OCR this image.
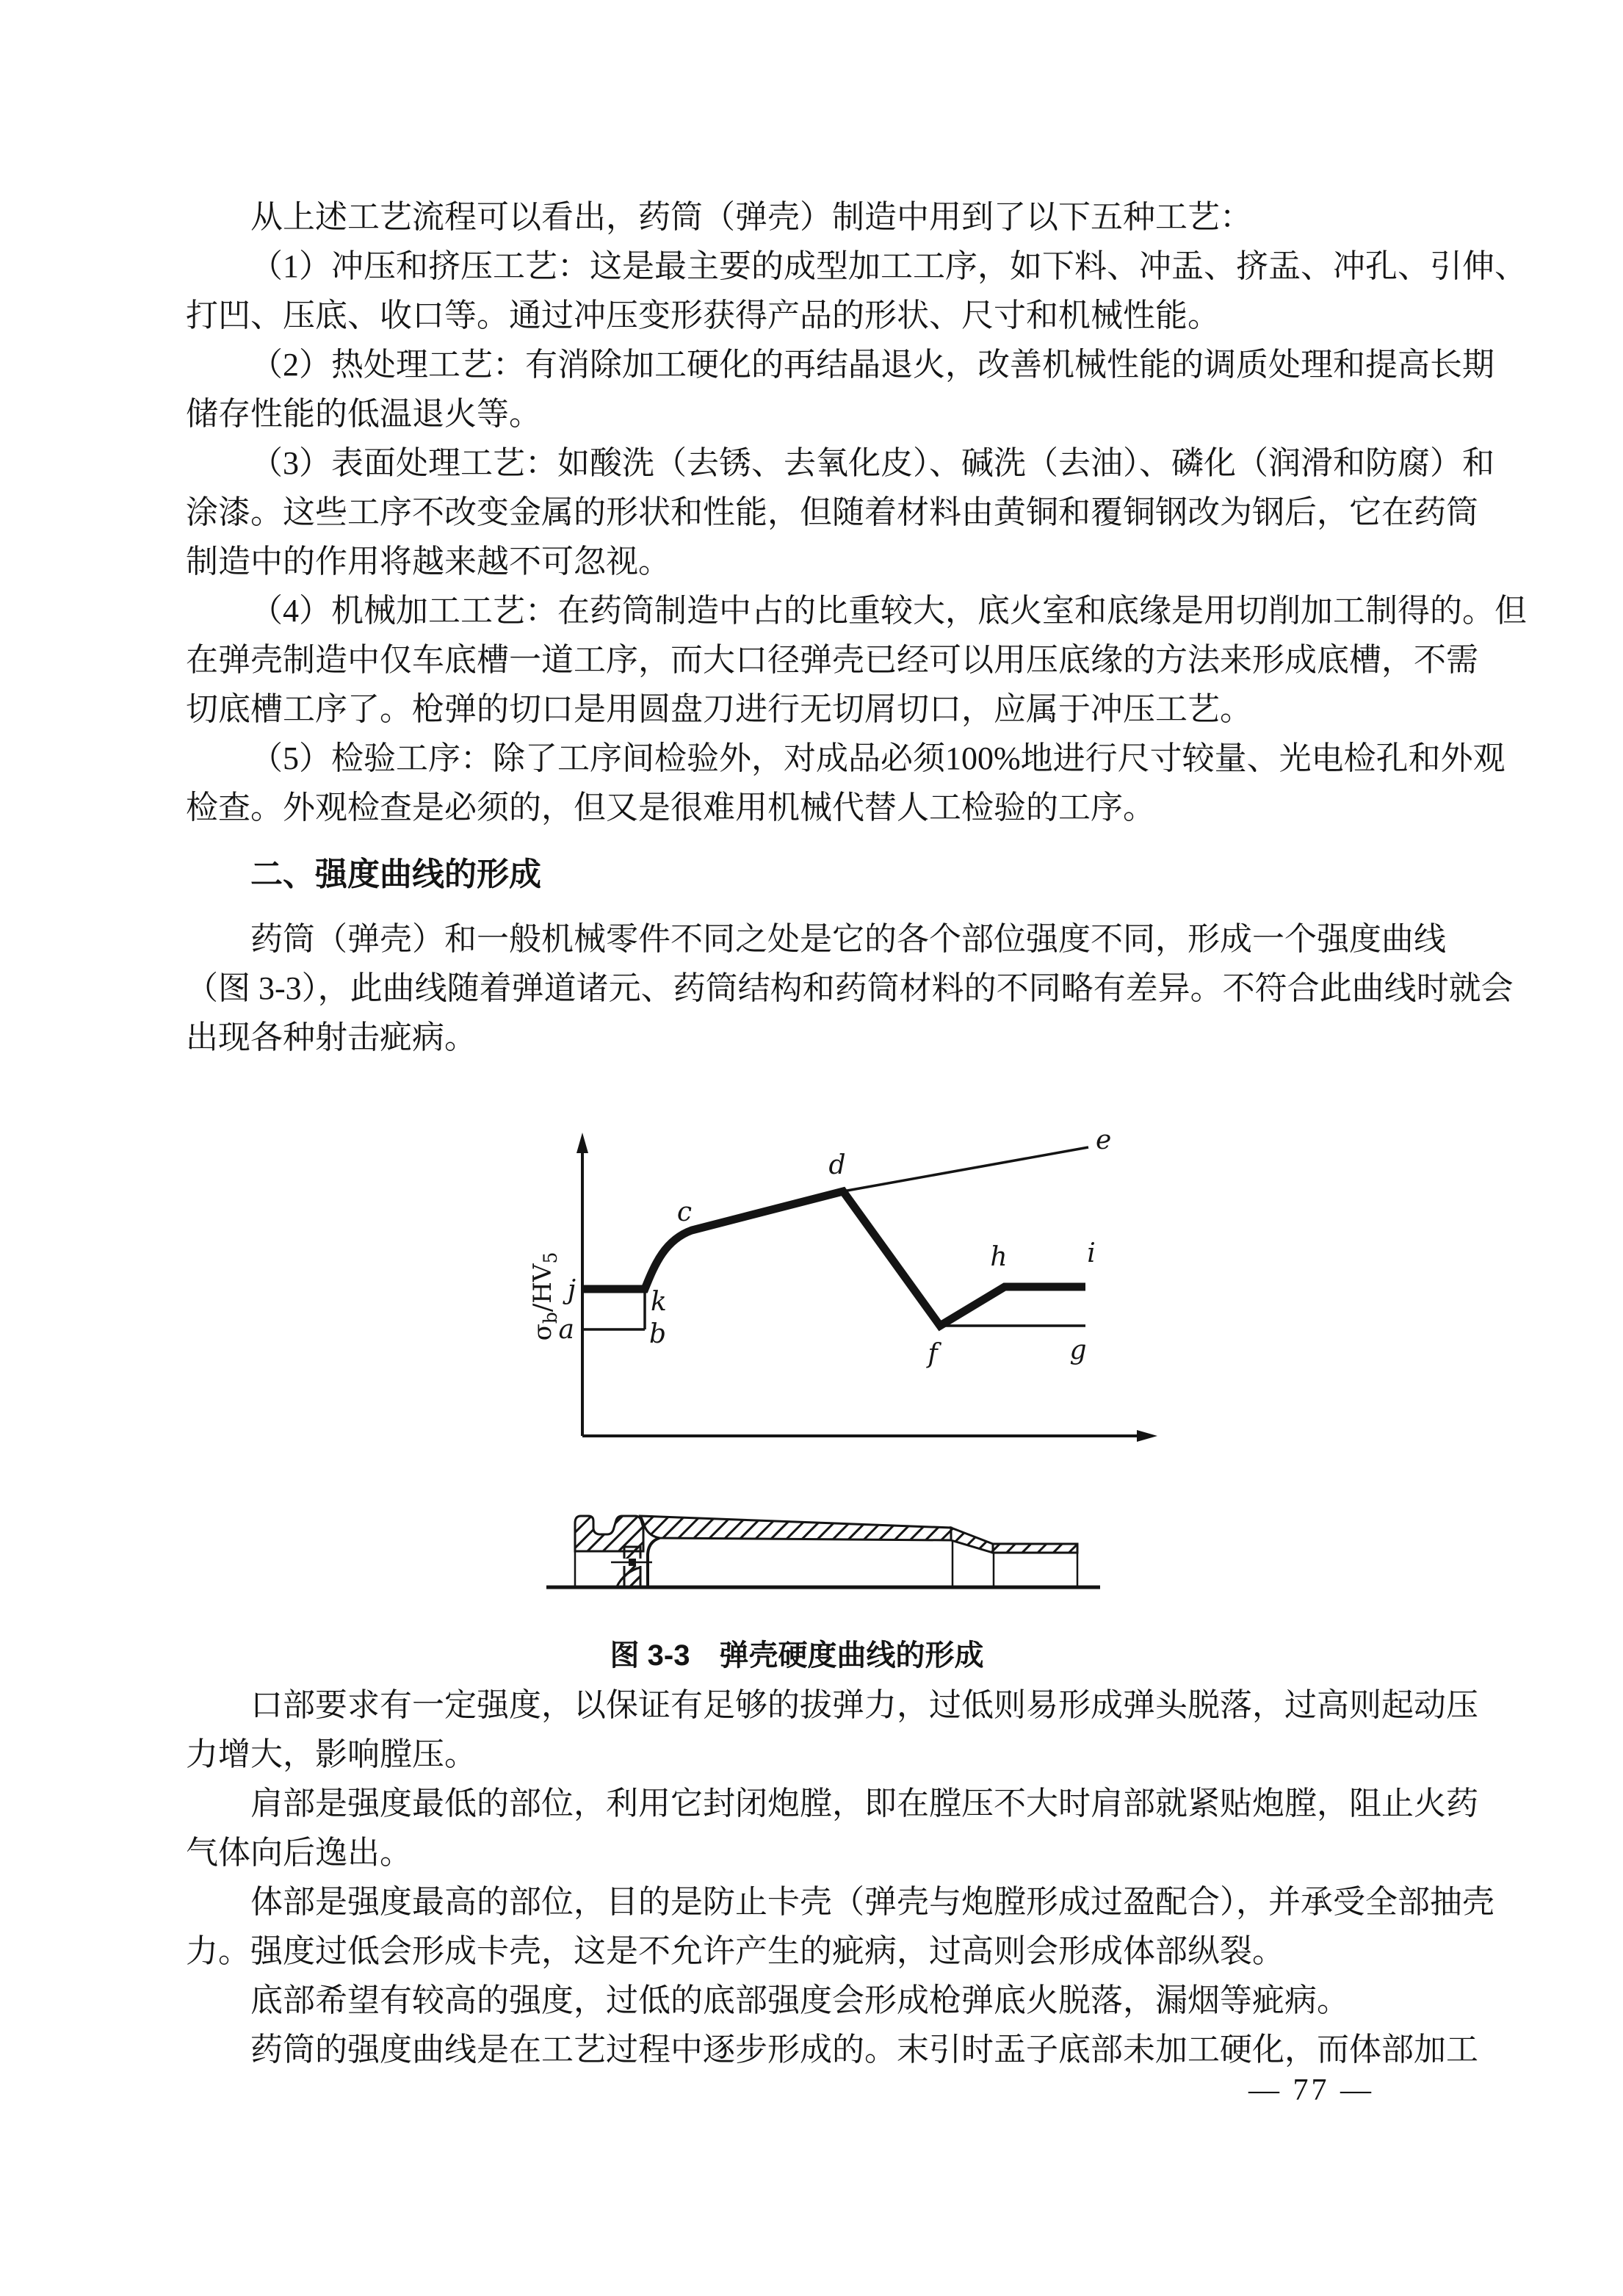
从上述工艺流程可以看出，药筒（弹壳）制造中用到了以下五种工艺：
（1）冲压和挤压工艺：这是最主要的成型加工工序，如下料、冲盂、挤盂、冲孔、引伸、
打凹、压底、收口等。通过冲压变形获得产品的形状、尺寸和机械性能。
（2）热处理工艺：有消除加工硬化的再结晶退火，改善机械性能的调质处理和提高长期
储存性能的低温退火等。
（3）表面处理工艺：如酸洗（去锈、去氧化皮）、碱洗（去油）、磷化（润滑和防腐）和
涂漆。这些工序不改变金属的形状和性能，但随着材料由黄铜和覆铜钢改为钢后，它在药筒
制造中的作用将越来越不可忽视。
（4）机械加工工艺：在药筒制造中占的比重较大，底火室和底缘是用切削加工制得的。但
在弹壳制造中仅车底槽一道工序，而大口径弹壳已经可以用压底缘的方法来形成底槽，不需
切底槽工序了。枪弹的切口是用圆盘刀进行无切屑切口，应属于冲压工艺。
（5）检验工序：除了工序间检验外，对成品必须100%地进行尺寸较量、光电检孔和外观
检查。外观检查是必须的，但又是很难用机械代替人工检验的工序。
二、强度曲线的形成
药筒（弹壳）和一般机械零件不同之处是它的各个部位强度不同，形成一个强度曲线
（图 3-3），此曲线随着弹道诸元、药筒结构和药筒材料的不同略有差异。不符合此曲线时就会
出现各种射击疵病。
$\sigma_b/HV_5$
a	b
c
d
e
f	g
h	i
j	k
图 3-3　弹壳硬度曲线的形成
口部要求有一定强度，以保证有足够的拔弹力，过低则易形成弹头脱落，过高则起动压
力增大，影响膛压。
肩部是强度最低的部位，利用它封闭炮膛，即在膛压不大时肩部就紧贴炮膛，阻止火药
气体向后逸出。
体部是强度最高的部位，目的是防止卡壳（弹壳与炮膛形成过盈配合），并承受全部抽壳
力。强度过低会形成卡壳，这是不允许产生的疵病，过高则会形成体部纵裂。
底部希望有较高的强度，过低的底部强度会形成枪弹底火脱落，漏烟等疵病。
药筒的强度曲线是在工艺过程中逐步形成的。末引时盂子底部未加工硬化，而体部加工
— 77 —
